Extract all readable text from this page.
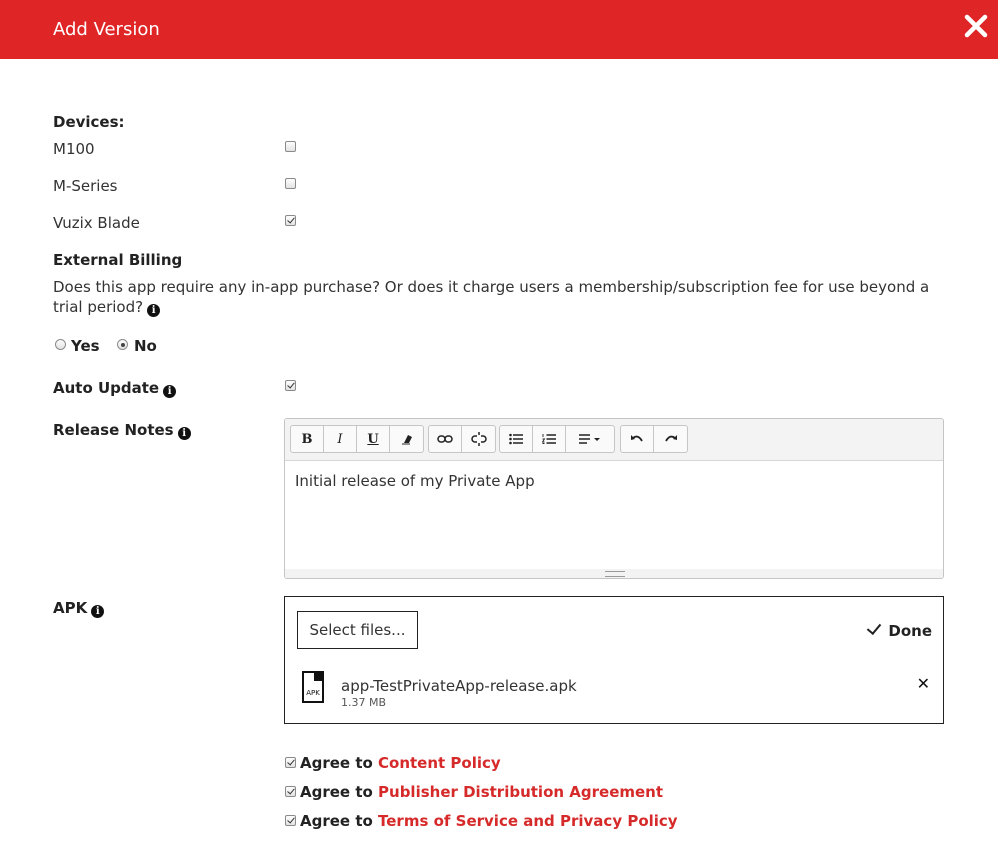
Add Version
Devices:
M100
M-Series
Vuzix Blade
External Billing
Does this app require any in-app purchase? Or does it charge users a membership/subscription fee for use beyond a
trial period? i
Yes No
Auto Update i
Release Notes i	B I U
Initial release of my Private App
APK i
Select files...	Done
APK app-TestPrivateApp-release.apk
1.37 MB
✕
Agree to Content Policy
Agree to Publisher Distribution Agreement
Agree to Terms of Service and Privacy Policy
